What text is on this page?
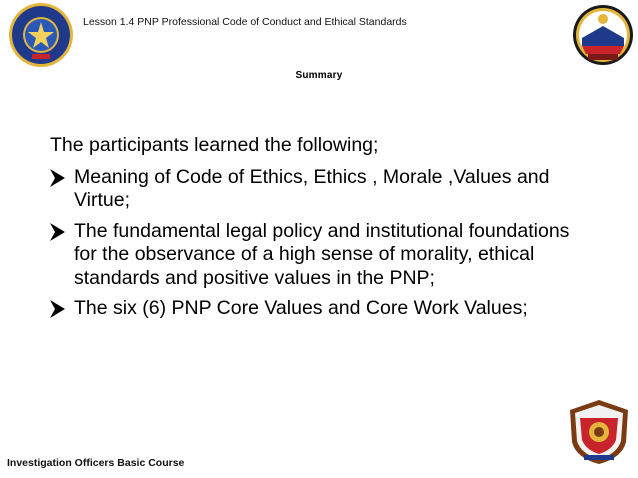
Lesson 1.4 PNP Professional Code of Conduct and Ethical Standards
Summary

The participants learned the following;

Meaning of Code of Ethics, Ethics , Morale ,Values and Virtue;
The fundamental legal policy and institutional foundations for the observance of a high sense of morality, ethical standards and positive values in the PNP;
The six (6) PNP Core Values and Core Work Values;
Investigation Officers Basic Course
